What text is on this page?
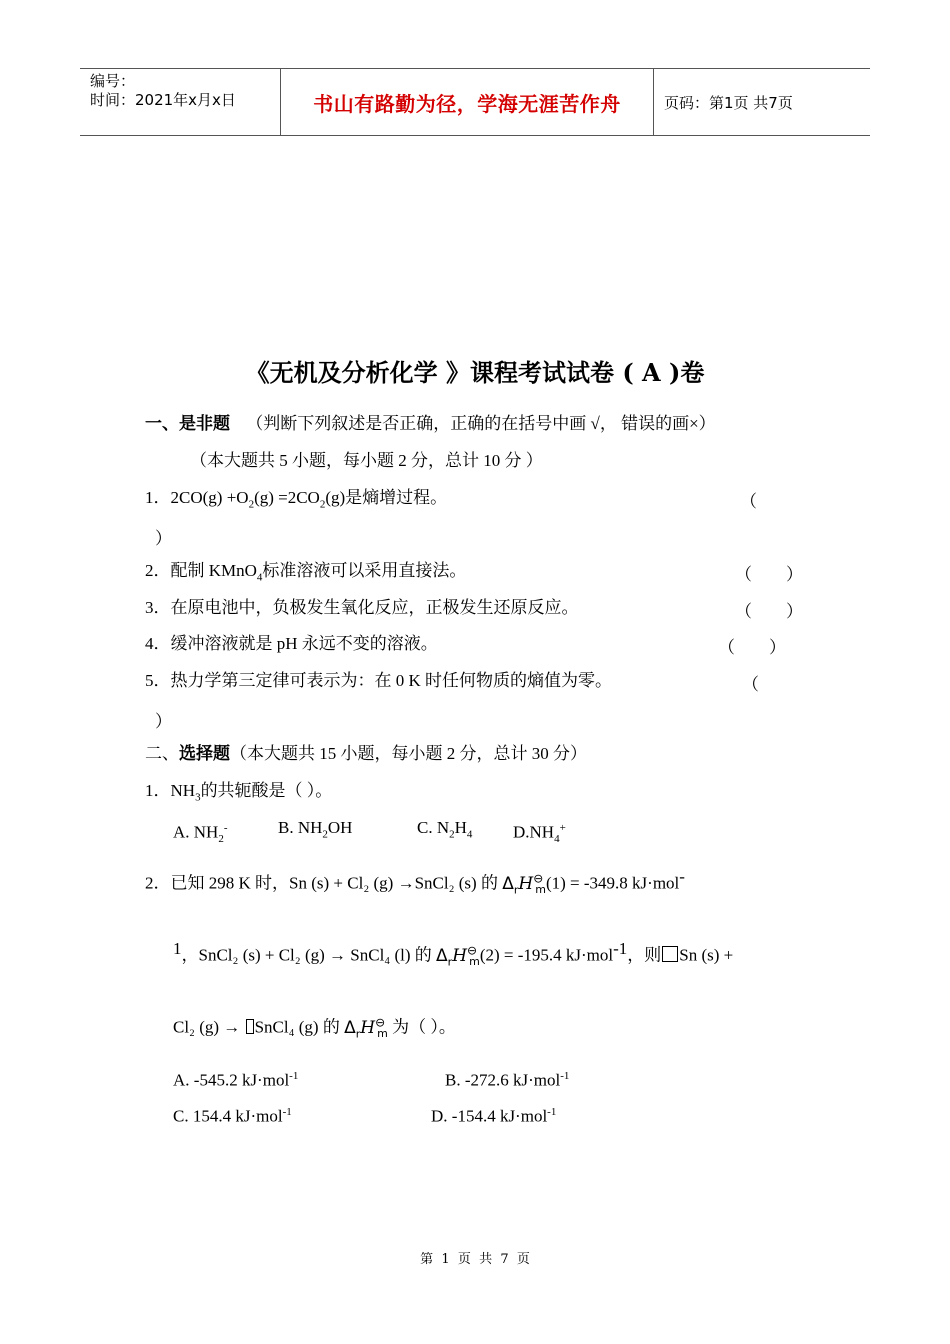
编号：
时间：2021年x月x日	书山有路勤为径，学海无涯苦作舟	页码：第1页 共7页
《无机及分析化学 》课程考试试卷 ( A )卷
一、是非题 （判断下列叙述是否正确，正确的在括号中画 √， 错误的画×）
（本大题共 5 小题，每小题 2 分，总计 10 分 ）
1．$2CO(g) +O_2(g) =2CO_2(g)$是熵增过程。	（
）
2．配制 KMnO$_4$标准溶液可以采用直接法。	（        ）
3．在原电池中，负极发生氧化反应，正极发生还原反应。	（        ）
4．缓冲溶液就是 pH 永远不变的溶液。	（        ）
5．热力学第三定律可表示为：在 0 K 时任何物质的熵值为零。	（
）
二、选择题（本大题共 15 小题，每小题 2 分，总计 30 分）
1．$NH_3$的共轭酸是（ ）。
A. $NH_2^-$	B. $NH_2OH$	C. $N_2H_4$ $D.NH_4^+$
2．已知 298 K 时，Sn (s) + Cl₂ (g) →SnCl₂ (s) 的 $\Delta_rH^⊖_m(1) = -349.8$ kJ·mol-
$^1$，SnCl₂ (s) + Cl₂ (g) → SnCl₄ (l) 的 $\Delta_rH^⊖_m(2) = -195.4$ kJ·mol$^{-1}$，则 Sn (s) +
Cl₂ (g) → SnCl₄ (g) 的 $\Delta_rH^⊖_m$ 为（ ）。
A. -545.2 kJ·mol$^{-1}$	B. -272.6 kJ·mol$^{-1}$
C. 154.4 kJ·mol$^{-1}$	D. -154.4 kJ·mol$^{-1}$
第  1  页  共  7  页
